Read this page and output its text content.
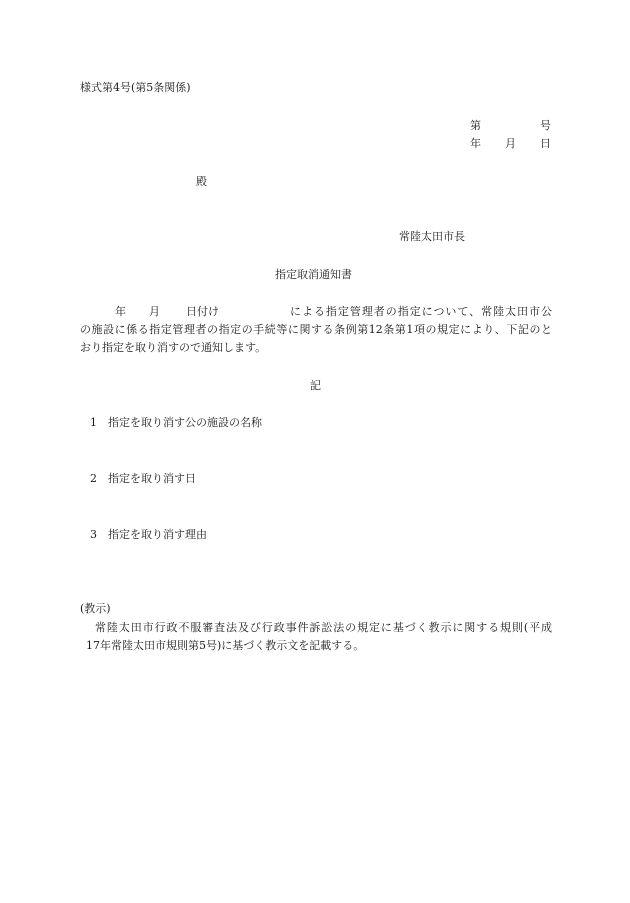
様式第4号(第5条関係)
第	号
年 月 日
殿
常陸太田市長
指定取消通知書
年 月 日付け	による指定管理者の指定について、常陸太田市公
の施設に係る指定管理者の指定の手続等に関する条例第12条第1項の規定により、下記のと
おり指定を取り消すので通知します。
記
1 指定を取り消す公の施設の名称
2 指定を取り消す日
3 指定を取り消す理由
(教示)
常陸太田市行政不服審査法及び行政事件訴訟法の規定に基づく教示に関する規則(平成
17年常陸太田市規則第5号)に基づく教示文を記載する。
